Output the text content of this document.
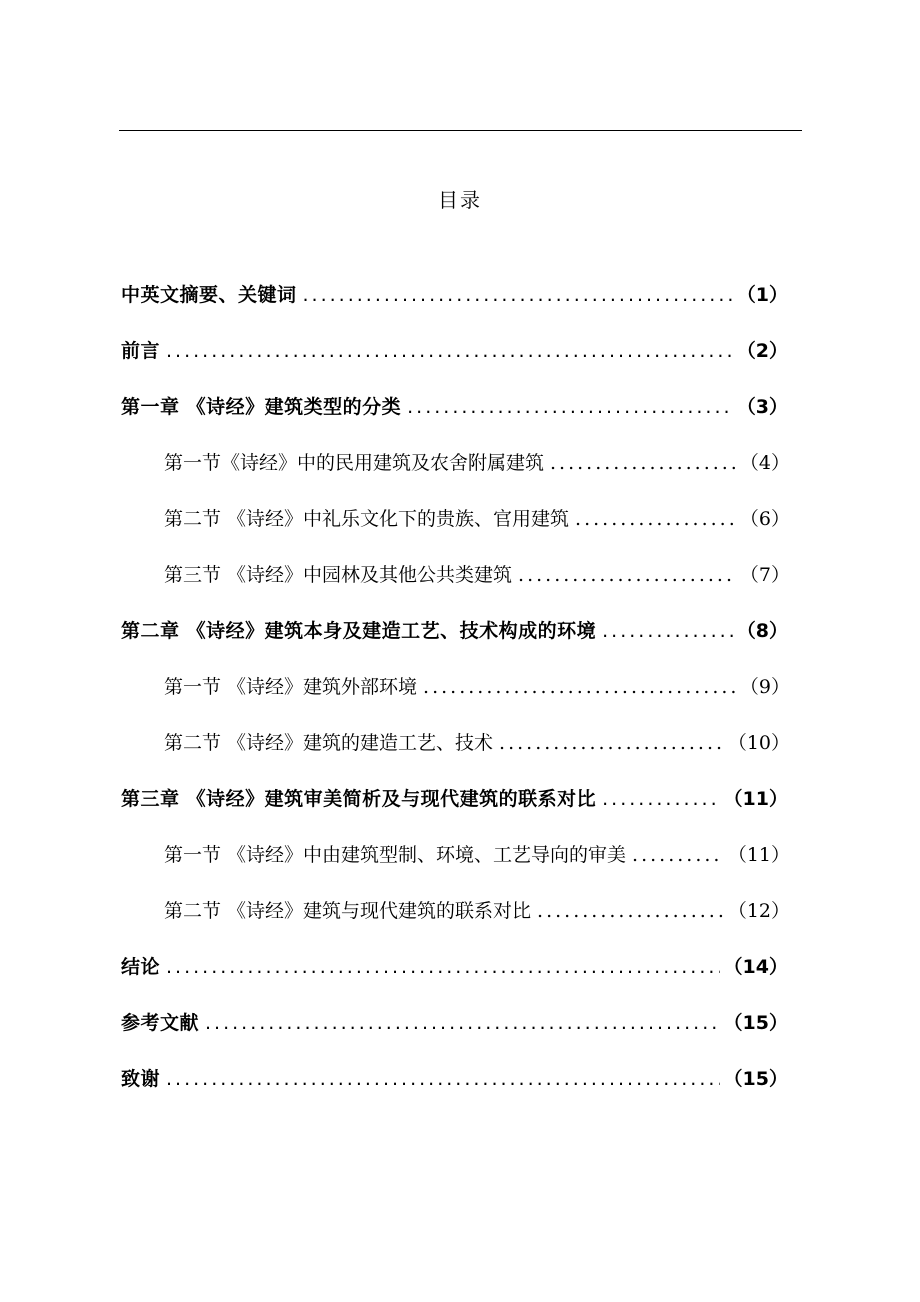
目录
中英文摘要、关键词 .....	（1）
前言 .....	（2）
第一章 《诗经》建筑类型的分类 .....	（3）
第一节《诗经》中的民用建筑及农舍附属建筑 .....	（4）
第二节 《诗经》中礼乐文化下的贵族、官用建筑 .....	（6）
第三节 《诗经》中园林及其他公共类建筑 .....	（7）
第二章 《诗经》建筑本身及建造工艺、技术构成的环境 .....	（8）
第一节 《诗经》建筑外部环境 .....	（9）
第二节 《诗经》建筑的建造工艺、技术 .....	（10）
第三章 《诗经》建筑审美简析及与现代建筑的联系对比 .....	（11）
第一节 《诗经》中由建筑型制、环境、工艺导向的审美 .....	（11）
第二节 《诗经》建筑与现代建筑的联系对比 .....	（12）
结论 .....	（14）
参考文献 .....	（15）
致谢 .....	（15）
